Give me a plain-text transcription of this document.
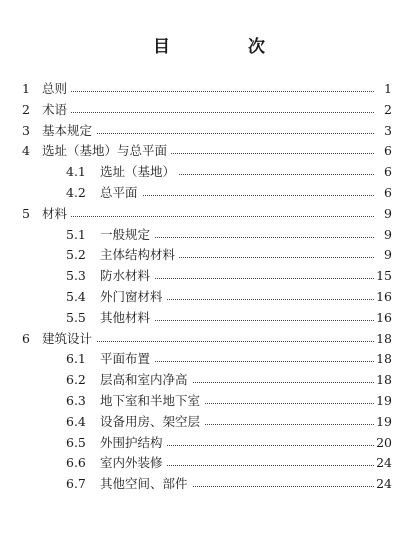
目 次
1 总则	1
2 术语	2
3 基本规定	3
4 选址（基地）与总平面	6
4.1 选址（基地）	6
4.2 总平面	6
5 材料	9
5.1 一般规定	9
5.2 主体结构材料	9
5.3 防水材料	15
5.4 外门窗材料	16
5.5 其他材料	16
6 建筑设计	18
6.1 平面布置	18
6.2 层高和室内净高	18
6.3 地下室和半地下室	19
6.4 设备用房、架空层	19
6.5 外围护结构	20
6.6 室内外装修	24
6.7 其他空间、部件	24
